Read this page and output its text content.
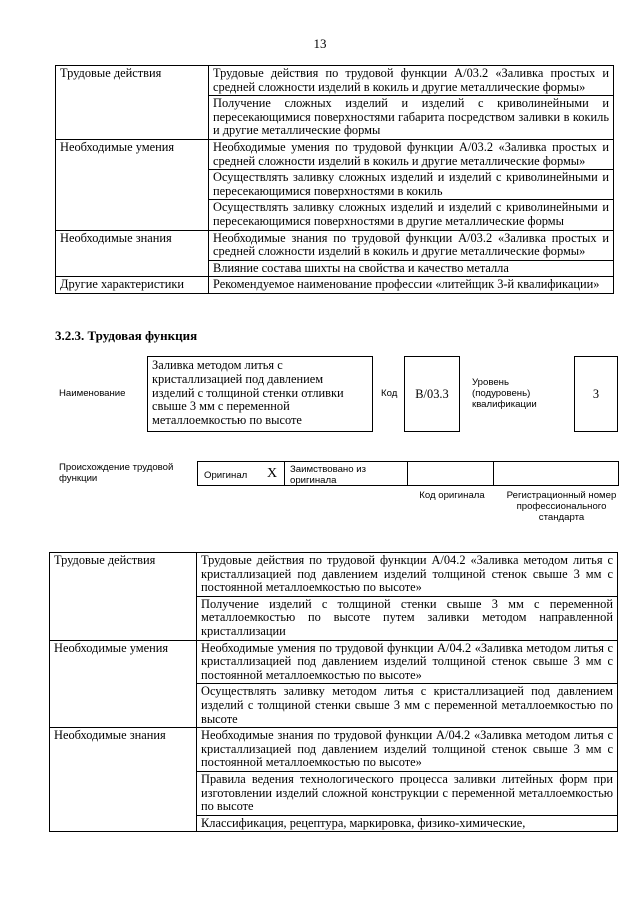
13
Трудовые действия	Трудовые действия по трудовой функции A/03.2 «Заливка простых и средней сложности изделий в кокиль и другие металлические формы»
	Получение сложных изделий и изделий с криволинейными и пересекающимися поверхностями габарита посредством заливки в кокиль и другие металлические формы
Необходимые умения	Необходимые умения по трудовой функции A/03.2 «Заливка простых и средней сложности изделий в кокиль и другие металлические формы»
	Осуществлять заливку сложных изделий и изделий с криволинейными и пересекающимися поверхностями в кокиль
	Осуществлять заливку сложных изделий и изделий с криволинейными и пересекающимися поверхностями в другие металлические формы
Необходимые знания	Необходимые знания по трудовой функции A/03.2 «Заливка простых и средней сложности изделий в кокиль и другие металлические формы»
	Влияние состава шихты на свойства и качество металла
Другие характеристики	Рекомендуемое наименование профессии «литейщик 3-й квалификации»
3.2.3. Трудовая функция
Наименование
Заливка методом литья с кристаллизацией под давлением изделий с толщиной стенки отливки свыше 3 мм с переменной металлоемкостью по высоте
Код B/03.3
Уровень (подуровень) квалификации
3
Происхождение трудовой функции	Оригинал	X	Заимствовано из оригинала
Код оригинала	Регистрационный номер профессионального стандарта
Трудовые действия	Трудовые действия по трудовой функции A/04.2 «Заливка методом литья с кристаллизацией под давлением изделий толщиной стенок свыше 3 мм с постоянной металлоемкостью по высоте»
	Получение изделий с толщиной стенки свыше 3 мм с переменной металлоемкостью по высоте путем заливки методом направленной кристаллизации
Необходимые умения	Необходимые умения по трудовой функции A/04.2 «Заливка методом литья с кристаллизацией под давлением изделий толщиной стенок свыше 3 мм с постоянной металлоемкостью по высоте»
	Осуществлять заливку методом литья с кристаллизацией под давлением изделий с толщиной стенки свыше 3 мм с переменной металлоемкостью по высоте
Необходимые знания	Необходимые знания по трудовой функции A/04.2 «Заливка методом литья с кристаллизацией под давлением изделий толщиной стенок свыше 3 мм с постоянной металлоемкостью по высоте»
	Правила ведения технологического процесса заливки литейных форм при изготовлении изделий сложной конструкции с переменной металлоемкостью по высоте
	Классификация, рецептура, маркировка, физико-химические,
